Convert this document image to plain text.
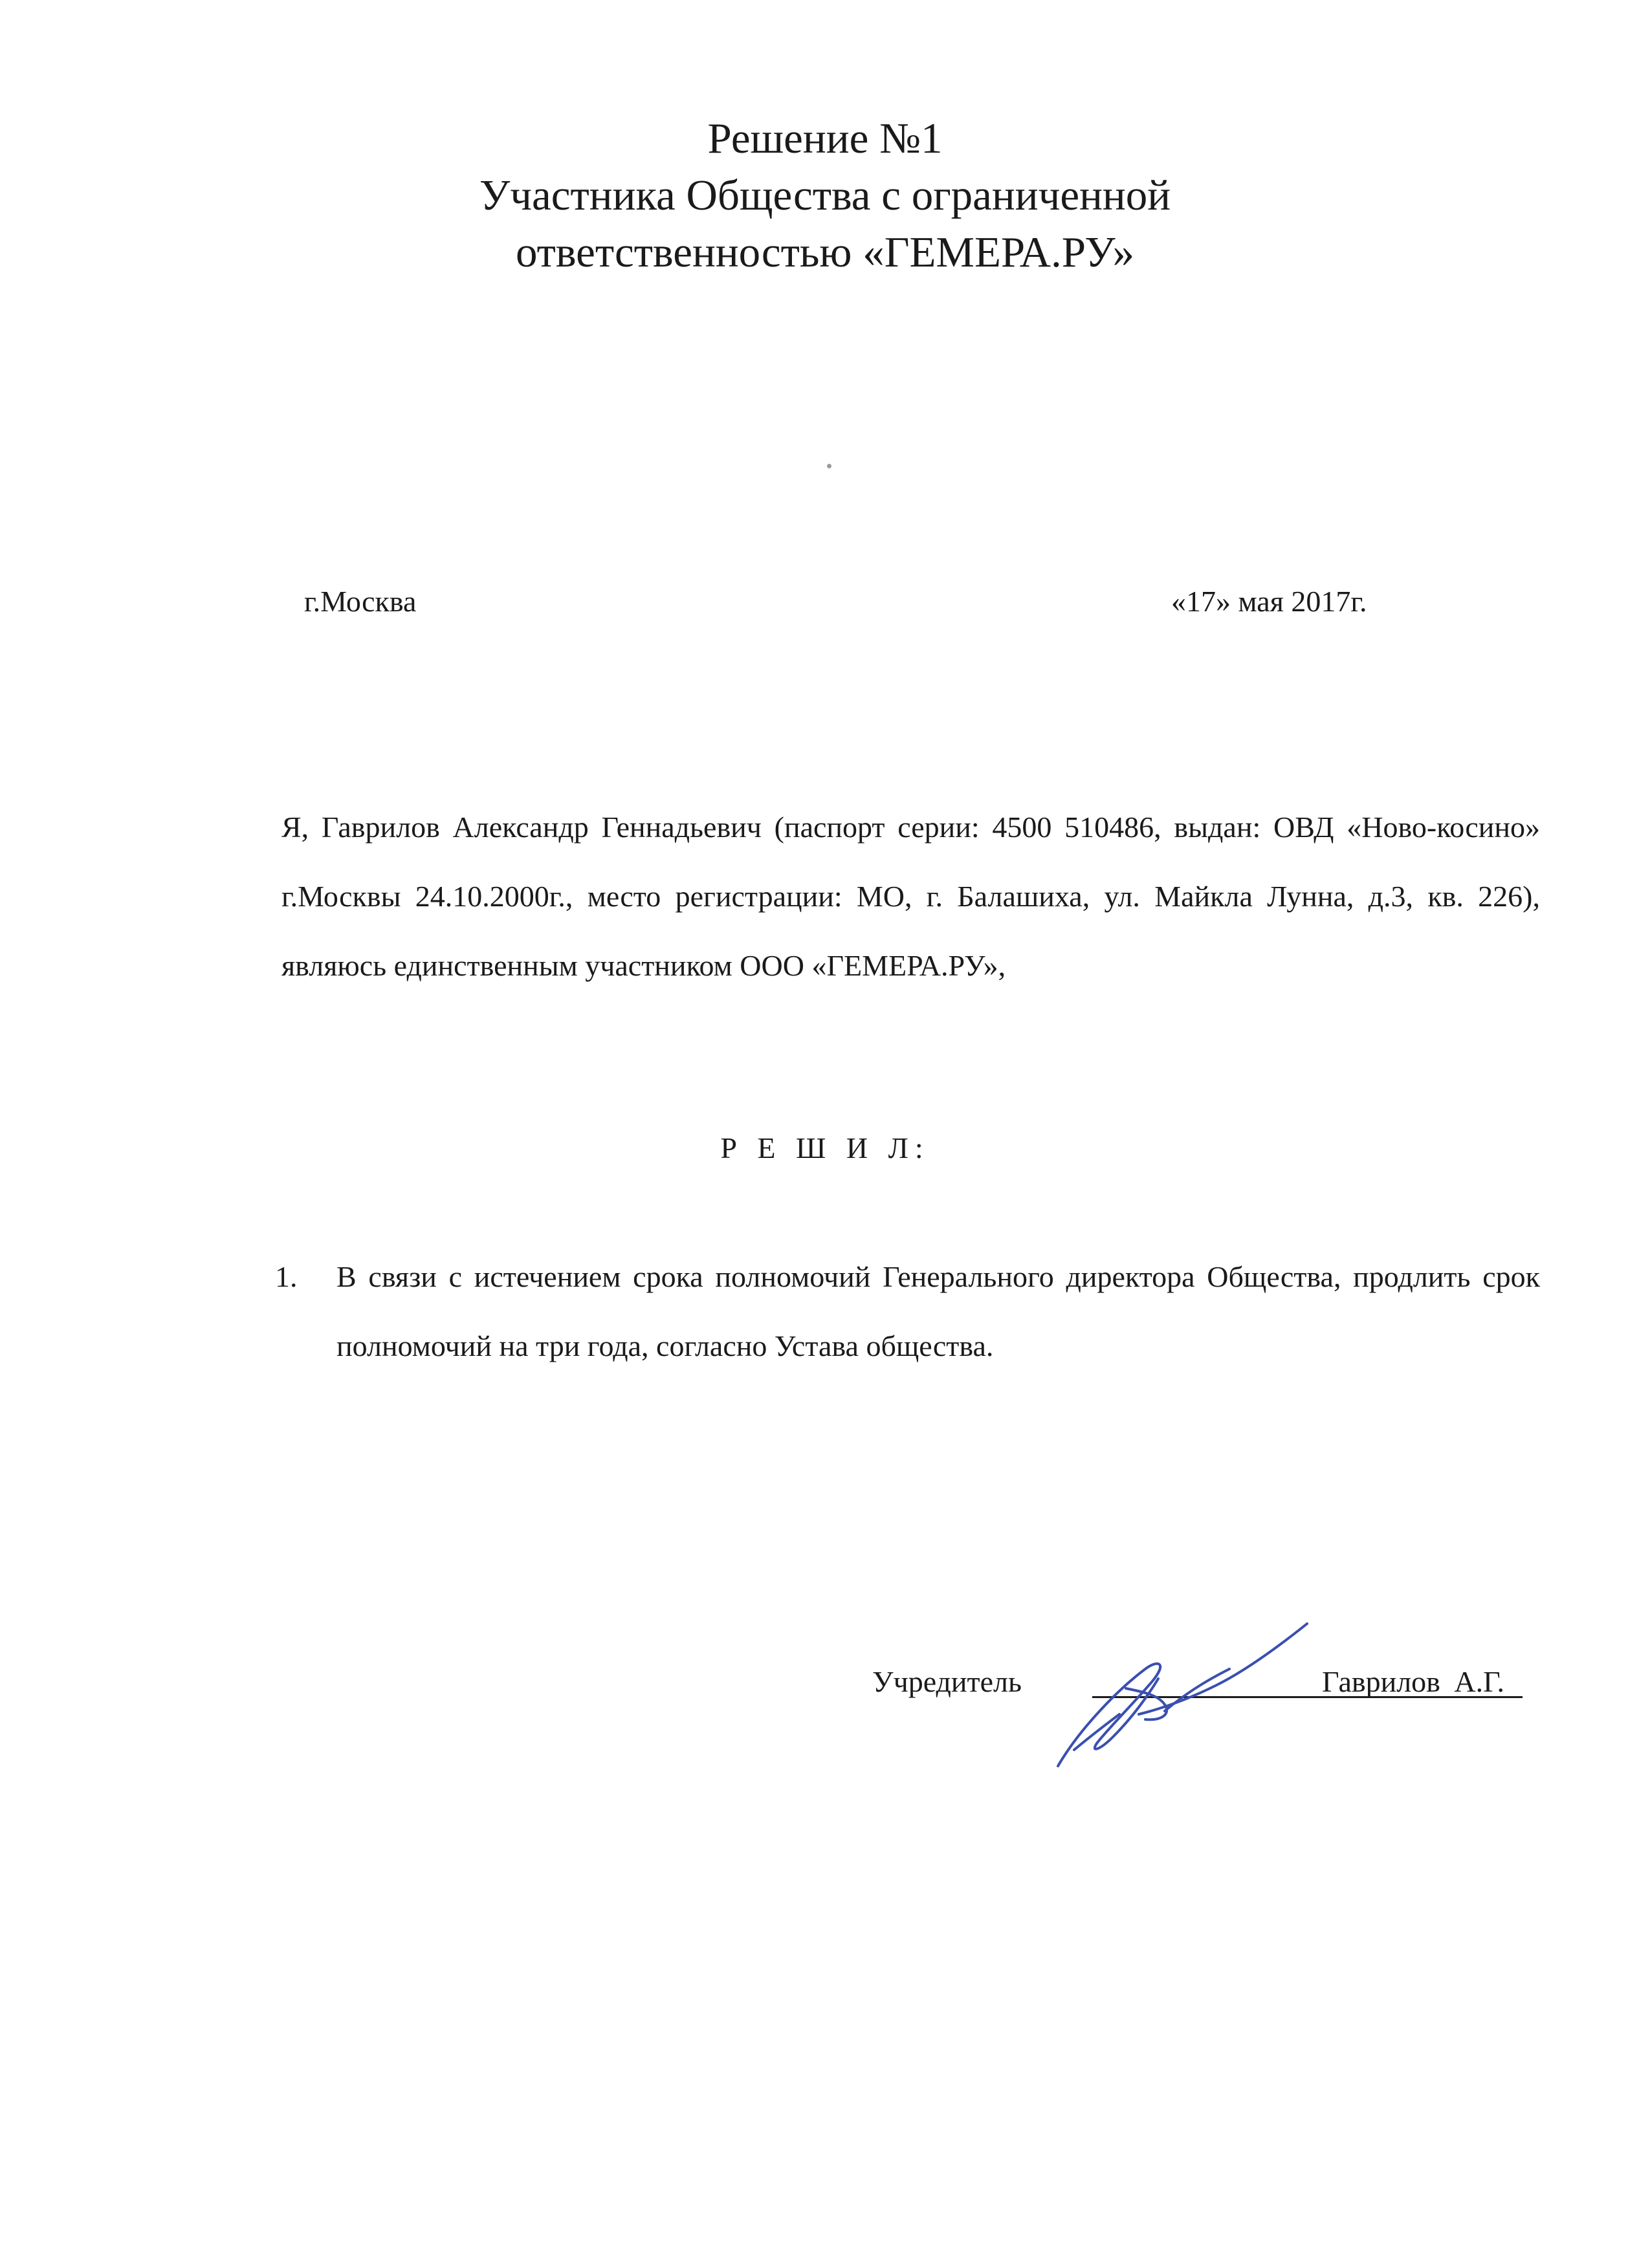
Решение №1
Участника Общества с ограниченной
ответственностью «ГЕМЕРА.РУ»
г.Москва	«17» мая 2017г.
Я, Гаврилов Александр Геннадьевич (паспорт серии: 4500 510486, выдан: ОВД «Ново-косино» г.Москвы 24.10.2000г., место регистрации: МО, г. Балашиха, ул. Майкла Лунна, д.3, кв. 226), являюсь единственным участником ООО «ГЕМЕРА.РУ»,
Р Е Ш И Л:
1. В связи с истечением срока полномочий Генерального директора Общества, продлить срок полномочий на три года, согласно Устава общества.
Учредитель	Гаврилов А.Г.
